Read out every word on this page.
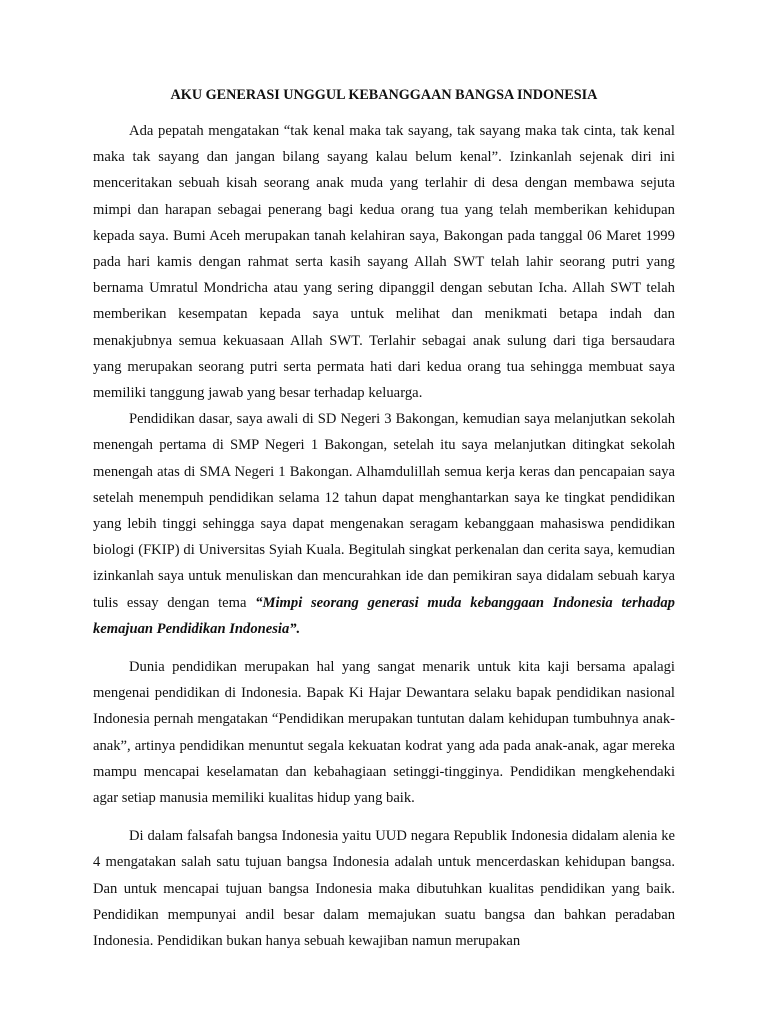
AKU GENERASI UNGGUL KEBANGGAAN BANGSA INDONESIA

Ada pepatah mengatakan “tak kenal maka tak sayang, tak sayang maka tak cinta, tak kenal maka tak sayang dan jangan bilang sayang kalau belum kenal”. Izinkanlah sejenak diri ini menceritakan sebuah kisah seorang anak muda yang terlahir di desa dengan membawa sejuta mimpi dan harapan sebagai penerang bagi kedua orang tua yang telah memberikan kehidupan kepada saya. Bumi Aceh merupakan tanah kelahiran saya, Bakongan pada tanggal 06 Maret 1999 pada hari kamis dengan rahmat serta kasih sayang Allah SWT telah lahir seorang putri yang bernama Umratul Mondricha atau yang sering dipanggil dengan sebutan Icha. Allah SWT telah memberikan kesempatan kepada saya untuk melihat dan menikmati betapa indah dan menakjubnya semua kekuasaan Allah SWT. Terlahir sebagai anak sulung dari tiga bersaudara yang merupakan seorang putri serta permata hati dari kedua orang tua sehingga membuat saya memiliki tanggung jawab yang besar terhadap keluarga.

Pendidikan dasar, saya awali di SD Negeri 3 Bakongan, kemudian saya melanjutkan sekolah menengah pertama di SMP Negeri 1 Bakongan, setelah itu saya melanjutkan ditingkat sekolah menengah atas di SMA Negeri 1 Bakongan. Alhamdulillah semua kerja keras dan pencapaian saya setelah menempuh pendidikan selama 12 tahun dapat menghantarkan saya ke tingkat pendidikan yang lebih tinggi sehingga saya dapat mengenakan seragam kebanggaan mahasiswa pendidikan biologi (FKIP) di Universitas Syiah Kuala. Begitulah singkat perkenalan dan cerita saya, kemudian izinkanlah saya untuk menuliskan dan mencurahkan ide dan pemikiran saya didalam sebuah karya tulis essay dengan tema “Mimpi seorang generasi muda kebanggaan Indonesia terhadap kemajuan Pendidikan Indonesia”.

Dunia pendidikan merupakan hal yang sangat menarik untuk kita kaji bersama apalagi mengenai pendidikan di Indonesia. Bapak Ki Hajar Dewantara selaku bapak pendidikan nasional Indonesia pernah mengatakan “Pendidikan merupakan tuntutan dalam kehidupan tumbuhnya anak-anak”, artinya pendidikan menuntut segala kekuatan kodrat yang ada pada anak-anak, agar mereka mampu mencapai keselamatan dan kebahagiaan setinggi-tingginya. Pendidikan mengkehendaki agar setiap manusia memiliki kualitas hidup yang baik.

Di dalam falsafah bangsa Indonesia yaitu UUD negara Republik Indonesia didalam alenia ke 4 mengatakan salah satu tujuan bangsa Indonesia adalah untuk mencerdaskan kehidupan bangsa. Dan untuk mencapai tujuan bangsa Indonesia maka dibutuhkan kualitas pendidikan yang baik. Pendidikan mempunyai andil besar dalam memajukan suatu bangsa dan bahkan peradaban Indonesia. Pendidikan bukan hanya sebuah kewajiban namun merupakan
